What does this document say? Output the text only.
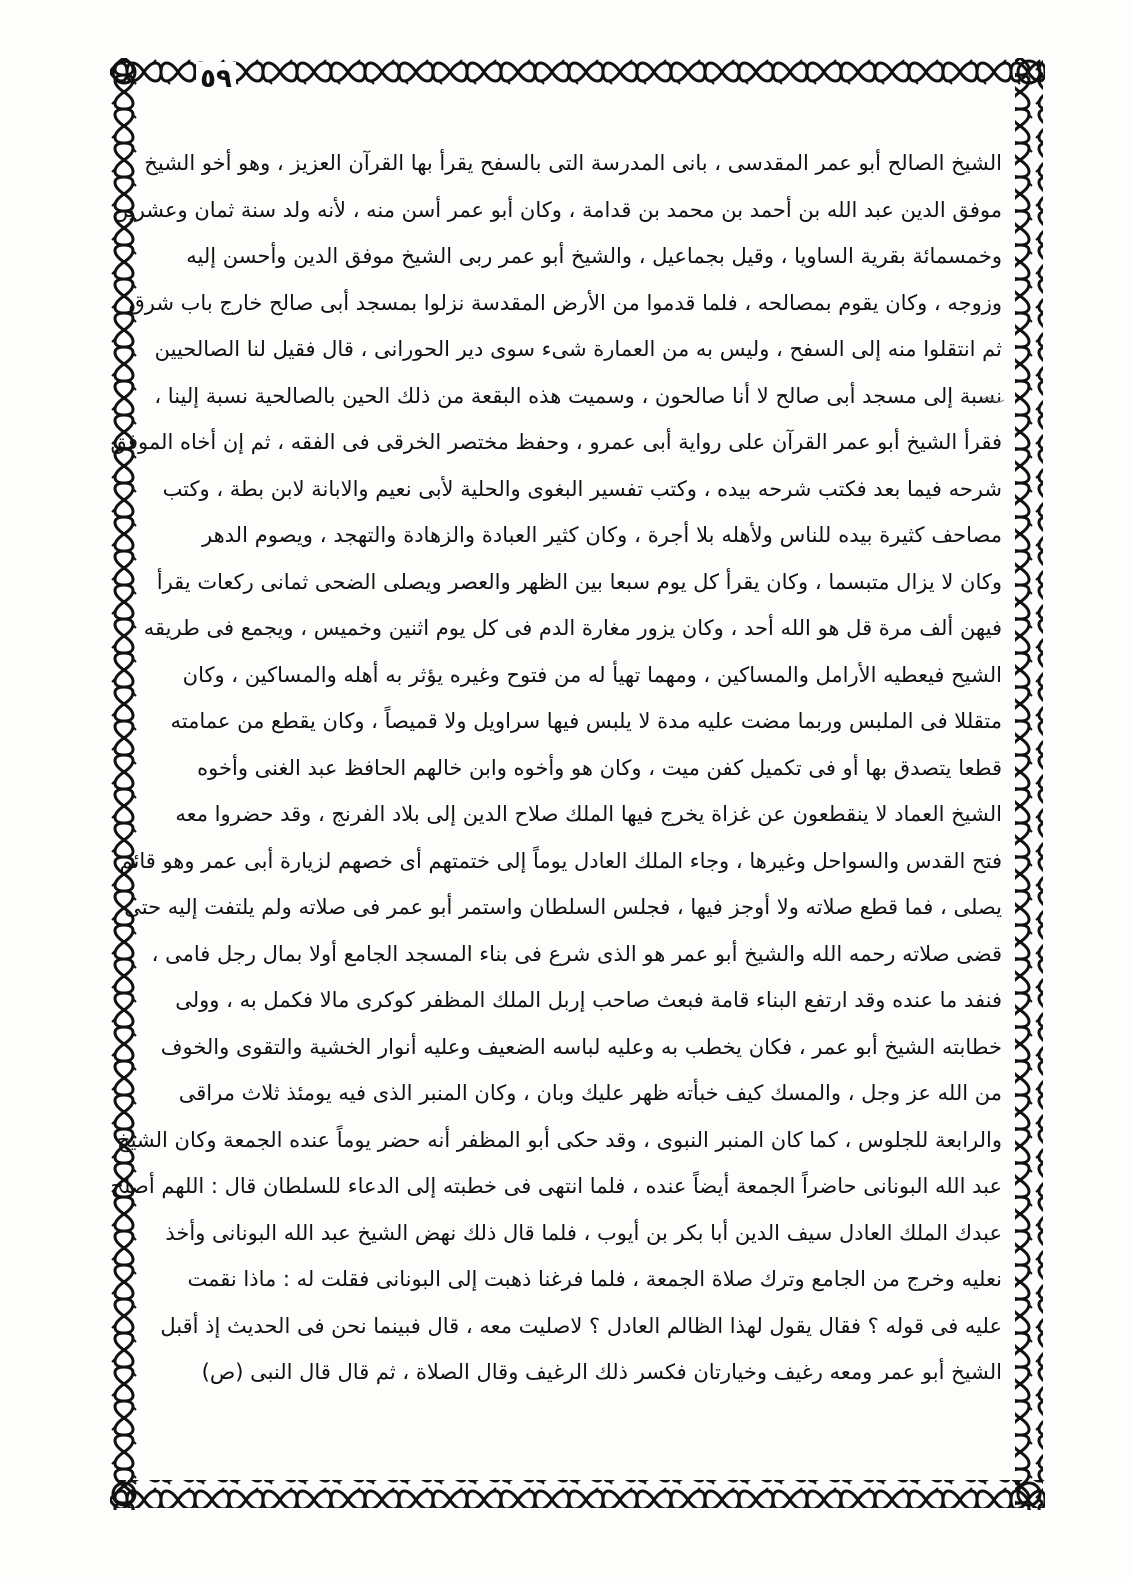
٥٩
الشيخ الصالح أبو عمر المقدسى ، بانى المدرسة التى بالسفح يقرأ بها القرآن العزيز ، وهو أخو الشيخ
موفق الدين عبد الله بن أحمد بن محمد بن قدامة ، وكان أبو عمر أسن منه ، لأنه ولد سنة ثمان وعشرين
وخمسمائة بقرية الساويا ، وقيل بجماعيل ، والشيخ أبو عمر ربى الشيخ موفق الدين وأحسن إليه
وزوجه ، وكان يقوم بمصالحه ، فلما قدموا من الأرض المقدسة نزلوا بمسجد أبى صالح خارج باب شرق
ثم انتقلوا منه إلى السفح ، وليس به من العمارة شىء سوى دير الحورانى ، قال فقيل لنا الصالحيين
نسبة إلى مسجد أبى صالح لا أنا صالحون ، وسميت هذه البقعة من ذلك الحين بالصالحية نسبة إلينا ،
فقرأ الشيخ أبو عمر القرآن على رواية أبى عمرو ، وحفظ مختصر الخرقى فى الفقه ، ثم إن أخاه الموفق
شرحه فيما بعد فكتب شرحه بيده ، وكتب تفسير البغوى والحلية لأبى نعيم والابانة لابن بطة ، وكتب
مصاحف كثيرة بيده للناس ولأهله بلا أجرة ، وكان كثير العبادة والزهادة والتهجد ، ويصوم الدهر
وكان لا يزال متبسما ، وكان يقرأ كل يوم سبعا بين الظهر والعصر ويصلى الضحى ثمانى ركعات يقرأ
فيهن ألف مرة قل هو الله أحد ، وكان يزور مغارة الدم فى كل يوم اثنين وخميس ، ويجمع فى طريقه
الشيح فيعطيه الأرامل والمساكين ، ومهما تهيأ له من فتوح وغيره يؤثر به أهله والمساكين ، وكان
متقللا فى الملبس وربما مضت عليه مدة لا يلبس فيها سراويل ولا قميصاً ، وكان يقطع من عمامته
قطعا يتصدق بها أو فى تكميل كفن ميت ، وكان هو وأخوه وابن خالهم الحافظ عبد الغنى وأخوه
الشيخ العماد لا ينقطعون عن غزاة يخرج فيها الملك صلاح الدين إلى بلاد الفرنج ، وقد حضروا معه
فتح القدس والسواحل وغيرها ، وجاء الملك العادل يوماً إلى ختمتهم أى خصهم لزيارة أبى عمر وهو قائم
يصلى ، فما قطع صلاته ولا أوجز فيها ، فجلس السلطان واستمر أبو عمر فى صلاته ولم يلتفت إليه حتى
قضى صلاته رحمه الله والشيخ أبو عمر هو الذى شرع فى بناء المسجد الجامع أولا بمال رجل فامى ،
فنفد ما عنده وقد ارتفع البناء قامة فبعث صاحب إربل الملك المظفر كوكرى مالا فكمل به ، وولى
خطابته الشيخ أبو عمر ، فكان يخطب به وعليه لباسه الضعيف وعليه أنوار الخشية والتقوى والخوف
من الله عز وجل ، والمسك كيف خبأته ظهر عليك وبان ، وكان المنبر الذى فيه يومئذ ثلاث مراقى
والرابعة للجلوس ، كما كان المنبر النبوى ، وقد حكى أبو المظفر أنه حضر يوماً عنده الجمعة وكان الشيخ
عبد الله البونانى حاضراً الجمعة أيضاً عنده ، فلما انتهى فى خطبته إلى الدعاء للسلطان قال : اللهم أصلح
عبدك الملك العادل سيف الدين أبا بكر بن أيوب ، فلما قال ذلك نهض الشيخ عبد الله البونانى وأخذ
نعليه وخرج من الجامع وترك صلاة الجمعة ، فلما فرغنا ذهبت إلى البونانى فقلت له : ماذا نقمت
عليه فى قوله ؟ فقال يقول لهذا الظالم العادل ؟ لاصليت معه ، قال فبينما نحن فى الحديث إذ أقبل
الشيخ أبو عمر ومعه رغيف وخيارتان فكسر ذلك الرغيف وقال الصلاة ، ثم قال قال النبى (ص)
